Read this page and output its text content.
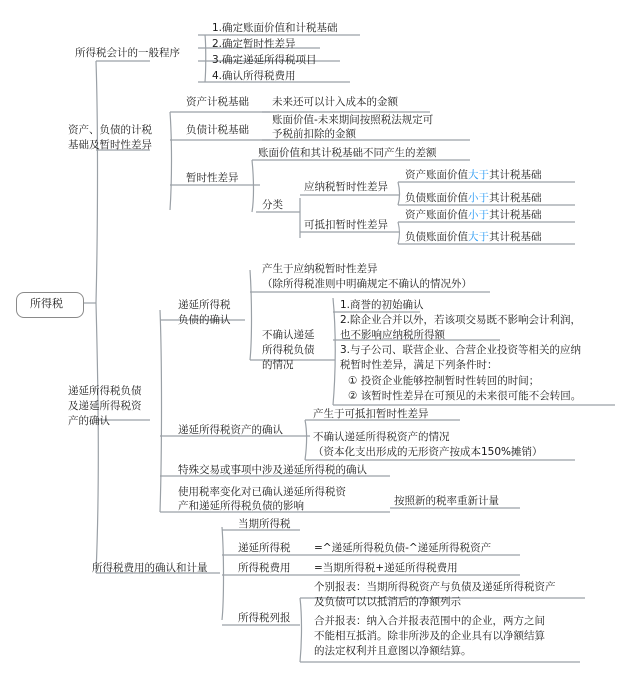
所得税
所得税会计的一般程序
1.确定账面价值和计税基础
2.确定暂时性差异
3.确定递延所得税项目
4.确认所得税费用
资产、负债的计税
基础及暂时性差异
资产计税基础 未来还可以计入成本的金额
负债计税基础
账面价值-未来期间按照税法规定可
予税前扣除的金额
暂时性差异
账面价值和其计税基础不同产生的差额
分类
应纳税暂时性差异
资产账面价值大于其计税基础
负债账面价值小于其计税基础
可抵扣暂时性差异
资产账面价值小于其计税基础
负债账面价值大于其计税基础
递延所得税负债
及递延所得税资
产的确认
递延所得税
负债的确认
产生于应纳税暂时性差异
（除所得税准则中明确规定不确认的情况外）
不确认递延
所得税负债
的情况
1.商誉的初始确认
2.除企业合并以外，若该项交易既不影响会计利润，
也不影响应纳税所得额
3.与子公司、联营企业、合营企业投资等相关的应纳
税暂时性差异，满足下列条件时：
① 投资企业能够控制暂时性转回的时间；
② 该暂时性差异在可预见的未来很可能不会转回。
递延所得税资产的确认
产生于可抵扣暂时性差异
不确认递延所得税资产的情况
（资本化支出形成的无形资产按成本150%摊销）
特殊交易或事项中涉及递延所得税的确认
使用税率变化对已确认递延所得税资
产和递延所得税负债的影响	按照新的税率重新计量
所得税费用的确认和计量
当期所得税
递延所得税 =^递延所得税负债-^递延所得税资产
所得税费用 =当期所得税+递延所得税费用
所得税列报
个别报表：当期所得税资产与负债及递延所得税资产
及负债可以以抵消后的净额列示
合并报表：纳入合并报表范围中的企业，两方之间
不能相互抵消。除非所涉及的企业具有以净额结算
的法定权利并且意图以净额结算。
